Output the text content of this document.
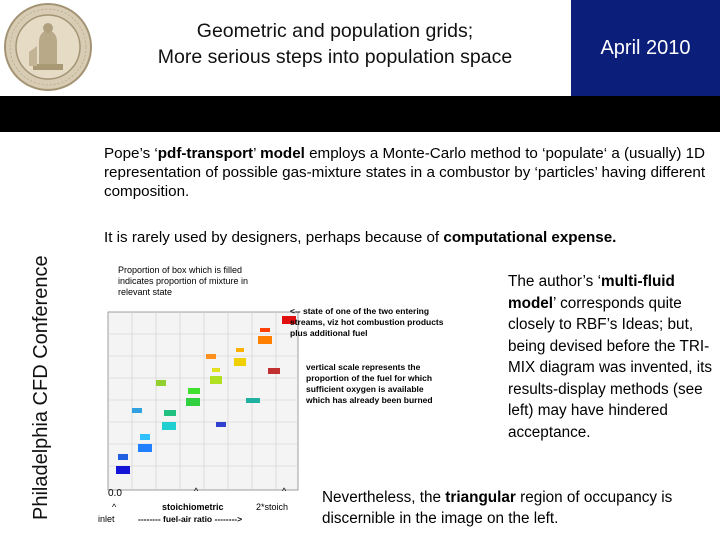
Geometric and population grids;
More serious steps into population space	April 2010
Philadelphia CFD Conference
Pope’s ‘pdf-transport’ model employs a Monte-Carlo method to ‘populate‘ a (usually) 1D representation of possible gas-mixture states in a combustor by ‘particles’ having different composition.
It is rarely used by designers, perhaps because of computational expense.
The author’s ‘multi-fluid model’ corresponds quite closely to RBF’s Ideas; but, being devised before the TRI-MIX diagram was invented, its results-display methods (see left) may have hindered acceptance.
Nevertheless, the triangular region of occupancy is discernible in the image on the left.
Proportion of box which is filled
indicates proportion of mixture in
relevant state
<-- state of one of the two entering
streams, viz hot combustion products
plus additional fuel
vertical scale represents the
proportion of the fuel for which
sufficient oxygen is available
which has already been burned
0.0
^
inlet
^
stoichiometric
-------- fuel-air ratio -------->
^
2*stoich
